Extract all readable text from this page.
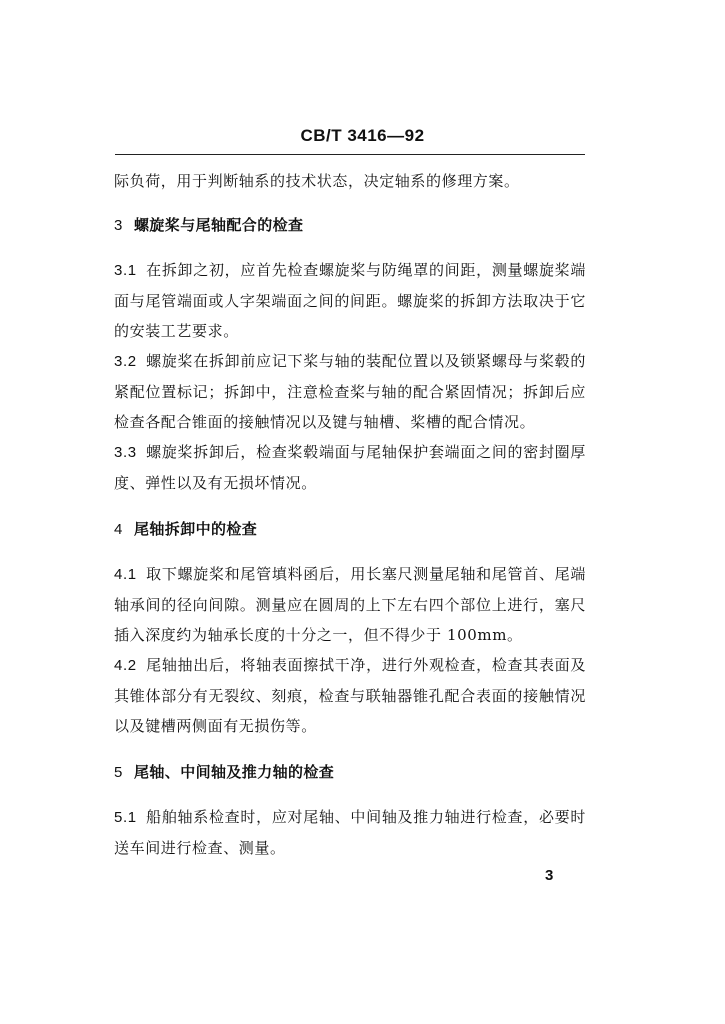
CB/T 3416—92

际负荷，用于判断轴系的技术状态，决定轴系的修理方案。

3 螺旋桨与尾轴配合的检查

3.1 在拆卸之初，应首先检查螺旋桨与防绳罩的间距，测量螺旋桨端面与尾管端面或人字架端面之间的间距。螺旋桨的拆卸方法取决于它的安装工艺要求。

3.2 螺旋桨在拆卸前应记下桨与轴的装配位置以及锁紧螺母与桨毂的紧配位置标记；拆卸中，注意检查桨与轴的配合紧固情况；拆卸后应检查各配合锥面的接触情况以及键与轴槽、桨槽的配合情况。

3.3 螺旋桨拆卸后，检查桨毂端面与尾轴保护套端面之间的密封圈厚度、弹性以及有无损坏情况。

4 尾轴拆卸中的检查

4.1 取下螺旋桨和尾管填料函后，用长塞尺测量尾轴和尾管首、尾端轴承间的径向间隙。测量应在圆周的上下左右四个部位上进行，塞尺插入深度约为轴承长度的十分之一，但不得少于 100mm。

4.2 尾轴抽出后，将轴表面擦拭干净，进行外观检查，检查其表面及其锥体部分有无裂纹、刻痕，检查与联轴器锥孔配合表面的接触情况以及键槽两侧面有无损伤等。

5 尾轴、中间轴及推力轴的检查

5.1 船舶轴系检查时，应对尾轴、中间轴及推力轴进行检查，必要时送车间进行检查、测量。

3
